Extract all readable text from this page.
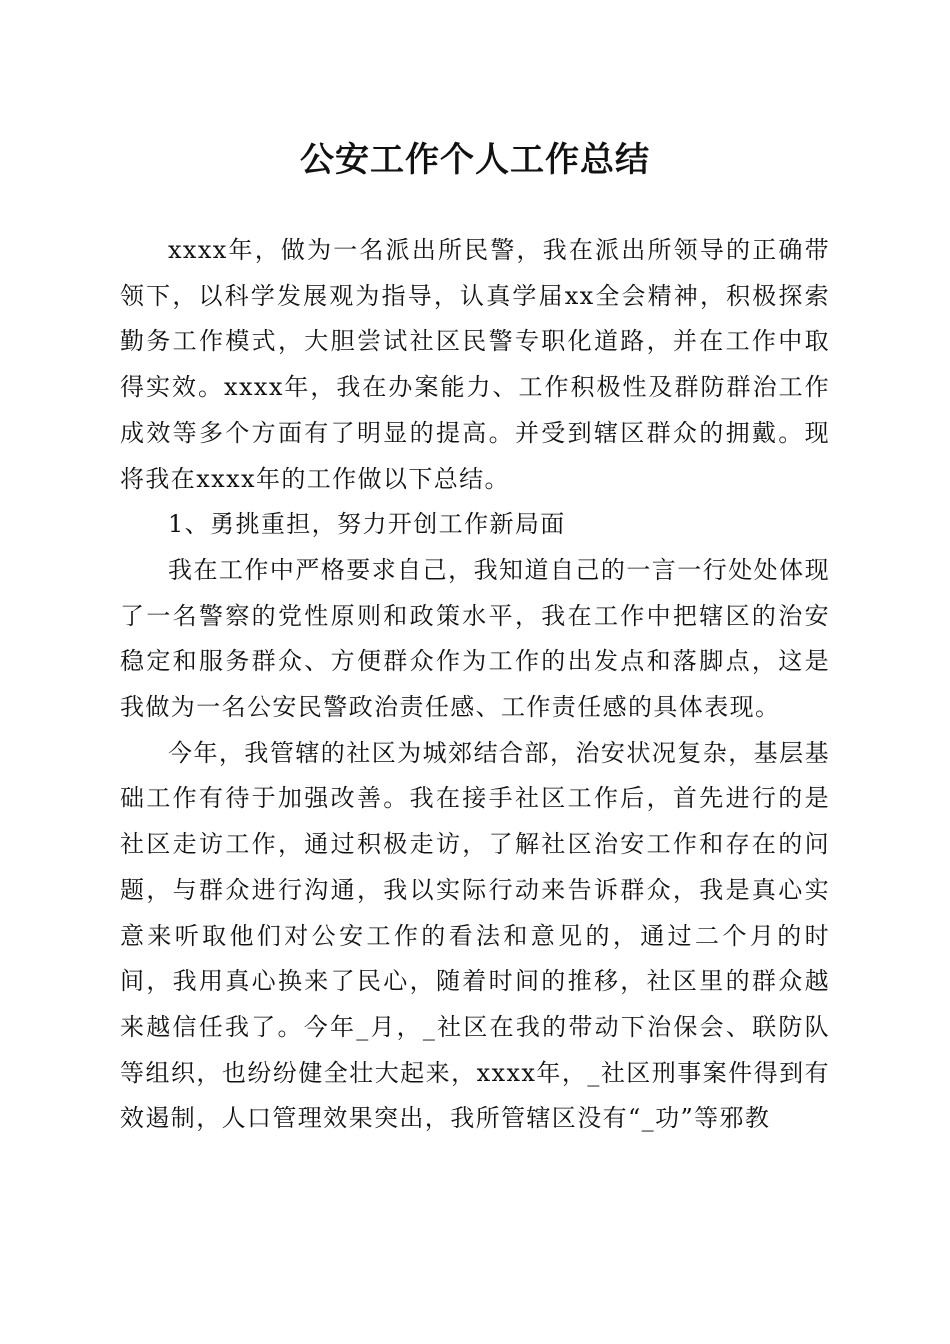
公安工作个人工作总结

xxxx年，做为一名派出所民警，我在派出所领导的正确带领下，以科学发展观为指导，认真学届xx全会精神，积极探索勤务工作模式，大胆尝试社区民警专职化道路，并在工作中取得实效。xxxx年，我在办案能力、工作积极性及群防群治工作成效等多个方面有了明显的提高。并受到辖区群众的拥戴。现将我在xxxx年的工作做以下总结。

1、勇挑重担，努力开创工作新局面

我在工作中严格要求自己，我知道自己的一言一行处处体现了一名警察的党性原则和政策水平，我在工作中把辖区的治安稳定和服务群众、方便群众作为工作的出发点和落脚点，这是我做为一名公安民警政治责任感、工作责任感的具体表现。

今年，我管辖的社区为城郊结合部，治安状况复杂，基层基础工作有待于加强改善。我在接手社区工作后，首先进行的是社区走访工作，通过积极走访，了解社区治安工作和存在的问题，与群众进行沟通，我以实际行动来告诉群众，我是真心实意来听取他们对公安工作的看法和意见的，通过二个月的时间，我用真心换来了民心，随着时间的推移，社区里的群众越来越信任我了。今年_月，_社区在我的带动下治保会、联防队等组织，也纷纷健全壮大起来，xxxx年，_社区刑事案件得到有效遏制，人口管理效果突出，我所管辖区没有“_功”等邪教
